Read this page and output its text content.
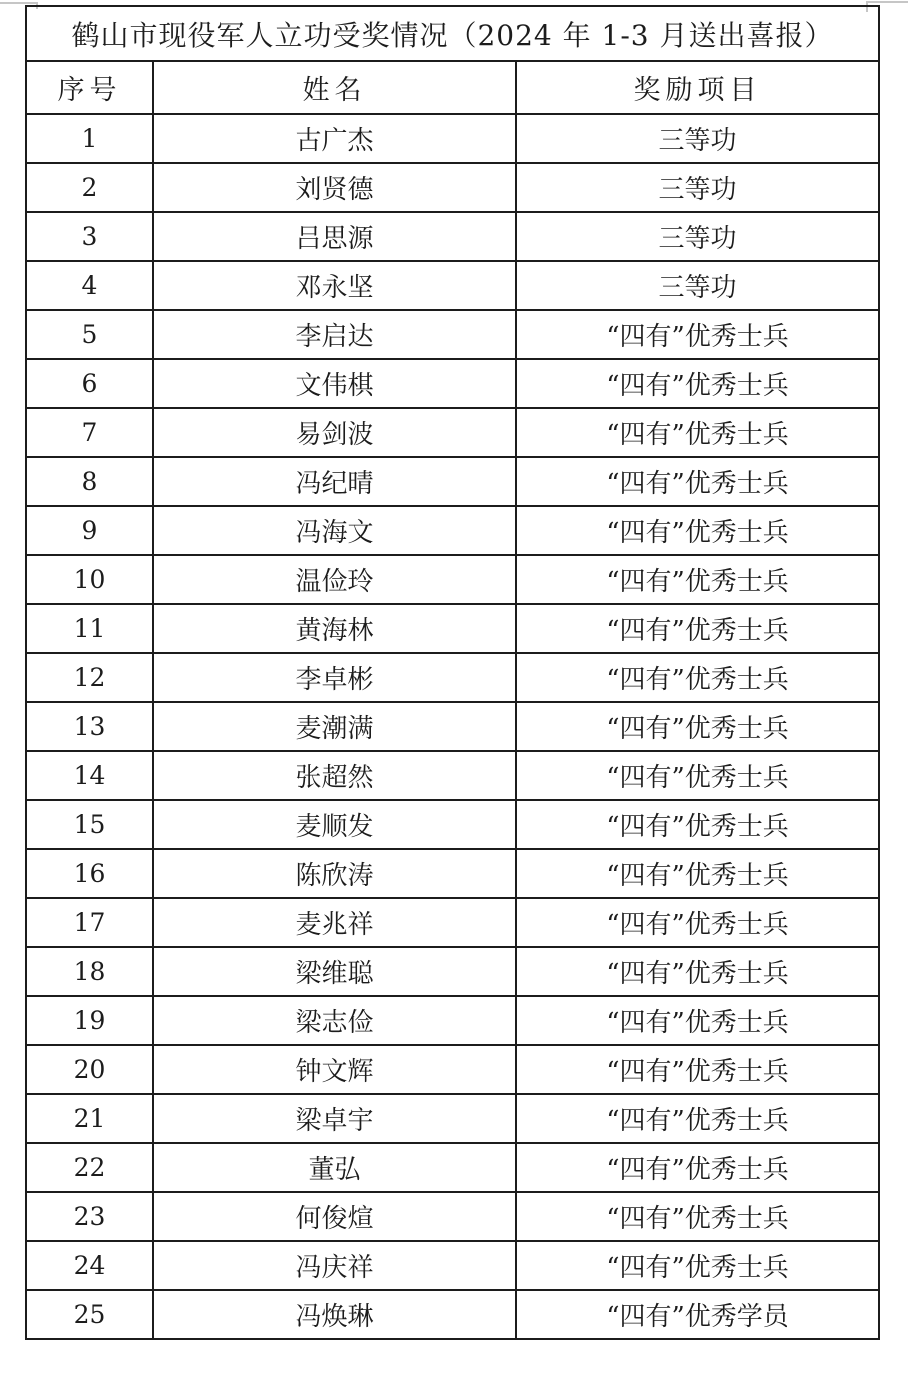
鹤山市现役军人立功受奖情况（2024 年 1-3 月送出喜报）		
序号	姓名	奖励项目
1	古广杰	三等功
2	刘贤德	三等功
3	吕思源	三等功
4	邓永坚	三等功
5	李启达	“四有”优秀士兵
6	文伟棋	“四有”优秀士兵
7	易剑波	“四有”优秀士兵
8	冯纪晴	“四有”优秀士兵
9	冯海文	“四有”优秀士兵
10	温俭玲	“四有”优秀士兵
11	黄海林	“四有”优秀士兵
12	李卓彬	“四有”优秀士兵
13	麦潮满	“四有”优秀士兵
14	张超然	“四有”优秀士兵
15	麦顺发	“四有”优秀士兵
16	陈欣涛	“四有”优秀士兵
17	麦兆祥	“四有”优秀士兵
18	梁维聪	“四有”优秀士兵
19	梁志俭	“四有”优秀士兵
20	钟文辉	“四有”优秀士兵
21	梁卓宇	“四有”优秀士兵
22	董弘	“四有”优秀士兵
23	何俊煊	“四有”优秀士兵
24	冯庆祥	“四有”优秀士兵
25	冯焕琳	“四有”优秀学员
